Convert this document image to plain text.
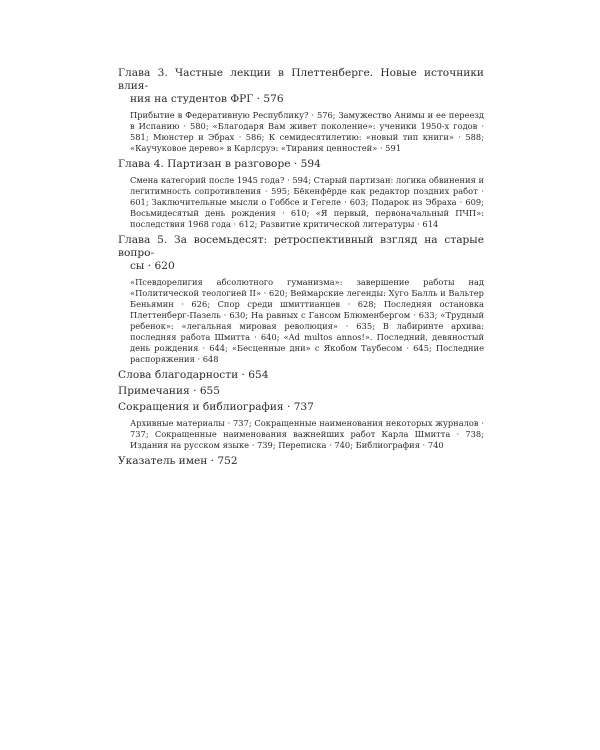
Глава 3. Частные лекции в Плеттенберге. Новые источники влия-
ния на студентов ФРГ · 576

Прибытие в Федеративную Республику? · 576; Замужество Анимы и ее переезд в Испанию · 580; «Благодаря Вам живет поколение»: ученики 1950-х годов · 581; Мюнстер и Эбрах · 586; К семидесятилетию: «новый тип книги» · 588; «Каучуковое дерево» в Карлсруэ: «Тирания ценностей» · 591

Глава 4. Партизан в разговоре · 594

Смена категорий после 1945 года? · 594; Старый партизан: логика обвинения и легитимность сопротивления · 595; Бёкенфёрде как редактор поздних работ · 601; Заключительные мысли о Гоббсе и Гегеле · 603; Подарок из Эбраха · 609; Восьмидесятый день рождения · 610; «Я первый, первоначальный ПЧП»: последствия 1968 года · 612; Развитие критической литературы · 614

Глава 5. За восемьдесят: ретроспективный взгляд на старые вопро-
сы · 620

«Псевдорелигия абсолютного гуманизма»: завершение работы над «Политической теологией II» · 620; Веймарские легенды: Хуго Балль и Вальтер Беньямин · 626; Спор среди шмиттианцев · 628; Последняя остановка Плеттенберг-Пазель · 630; На равных с Гансом Блюменбергом · 633; «Трудный ребенок»: «легальная мировая революция» · 635; В лабиринте архива: последняя работа Шмитта · 640; «Ad multos annos!». Последний, девяностый день рождения · 644; «Бесценные дни» с Якобом Таубесом · 645; Последние распоряжения · 648

Слова благодарности · 654
Примечания · 655
Сокращения и библиография · 737

Архивные материалы · 737; Сокращенные наименования некоторых журналов · 737; Сокращенные наименования важнейших работ Карла Шмитта · 738; Издания на русском языке · 739; Переписка · 740; Библиография · 740

Указатель имен · 752
